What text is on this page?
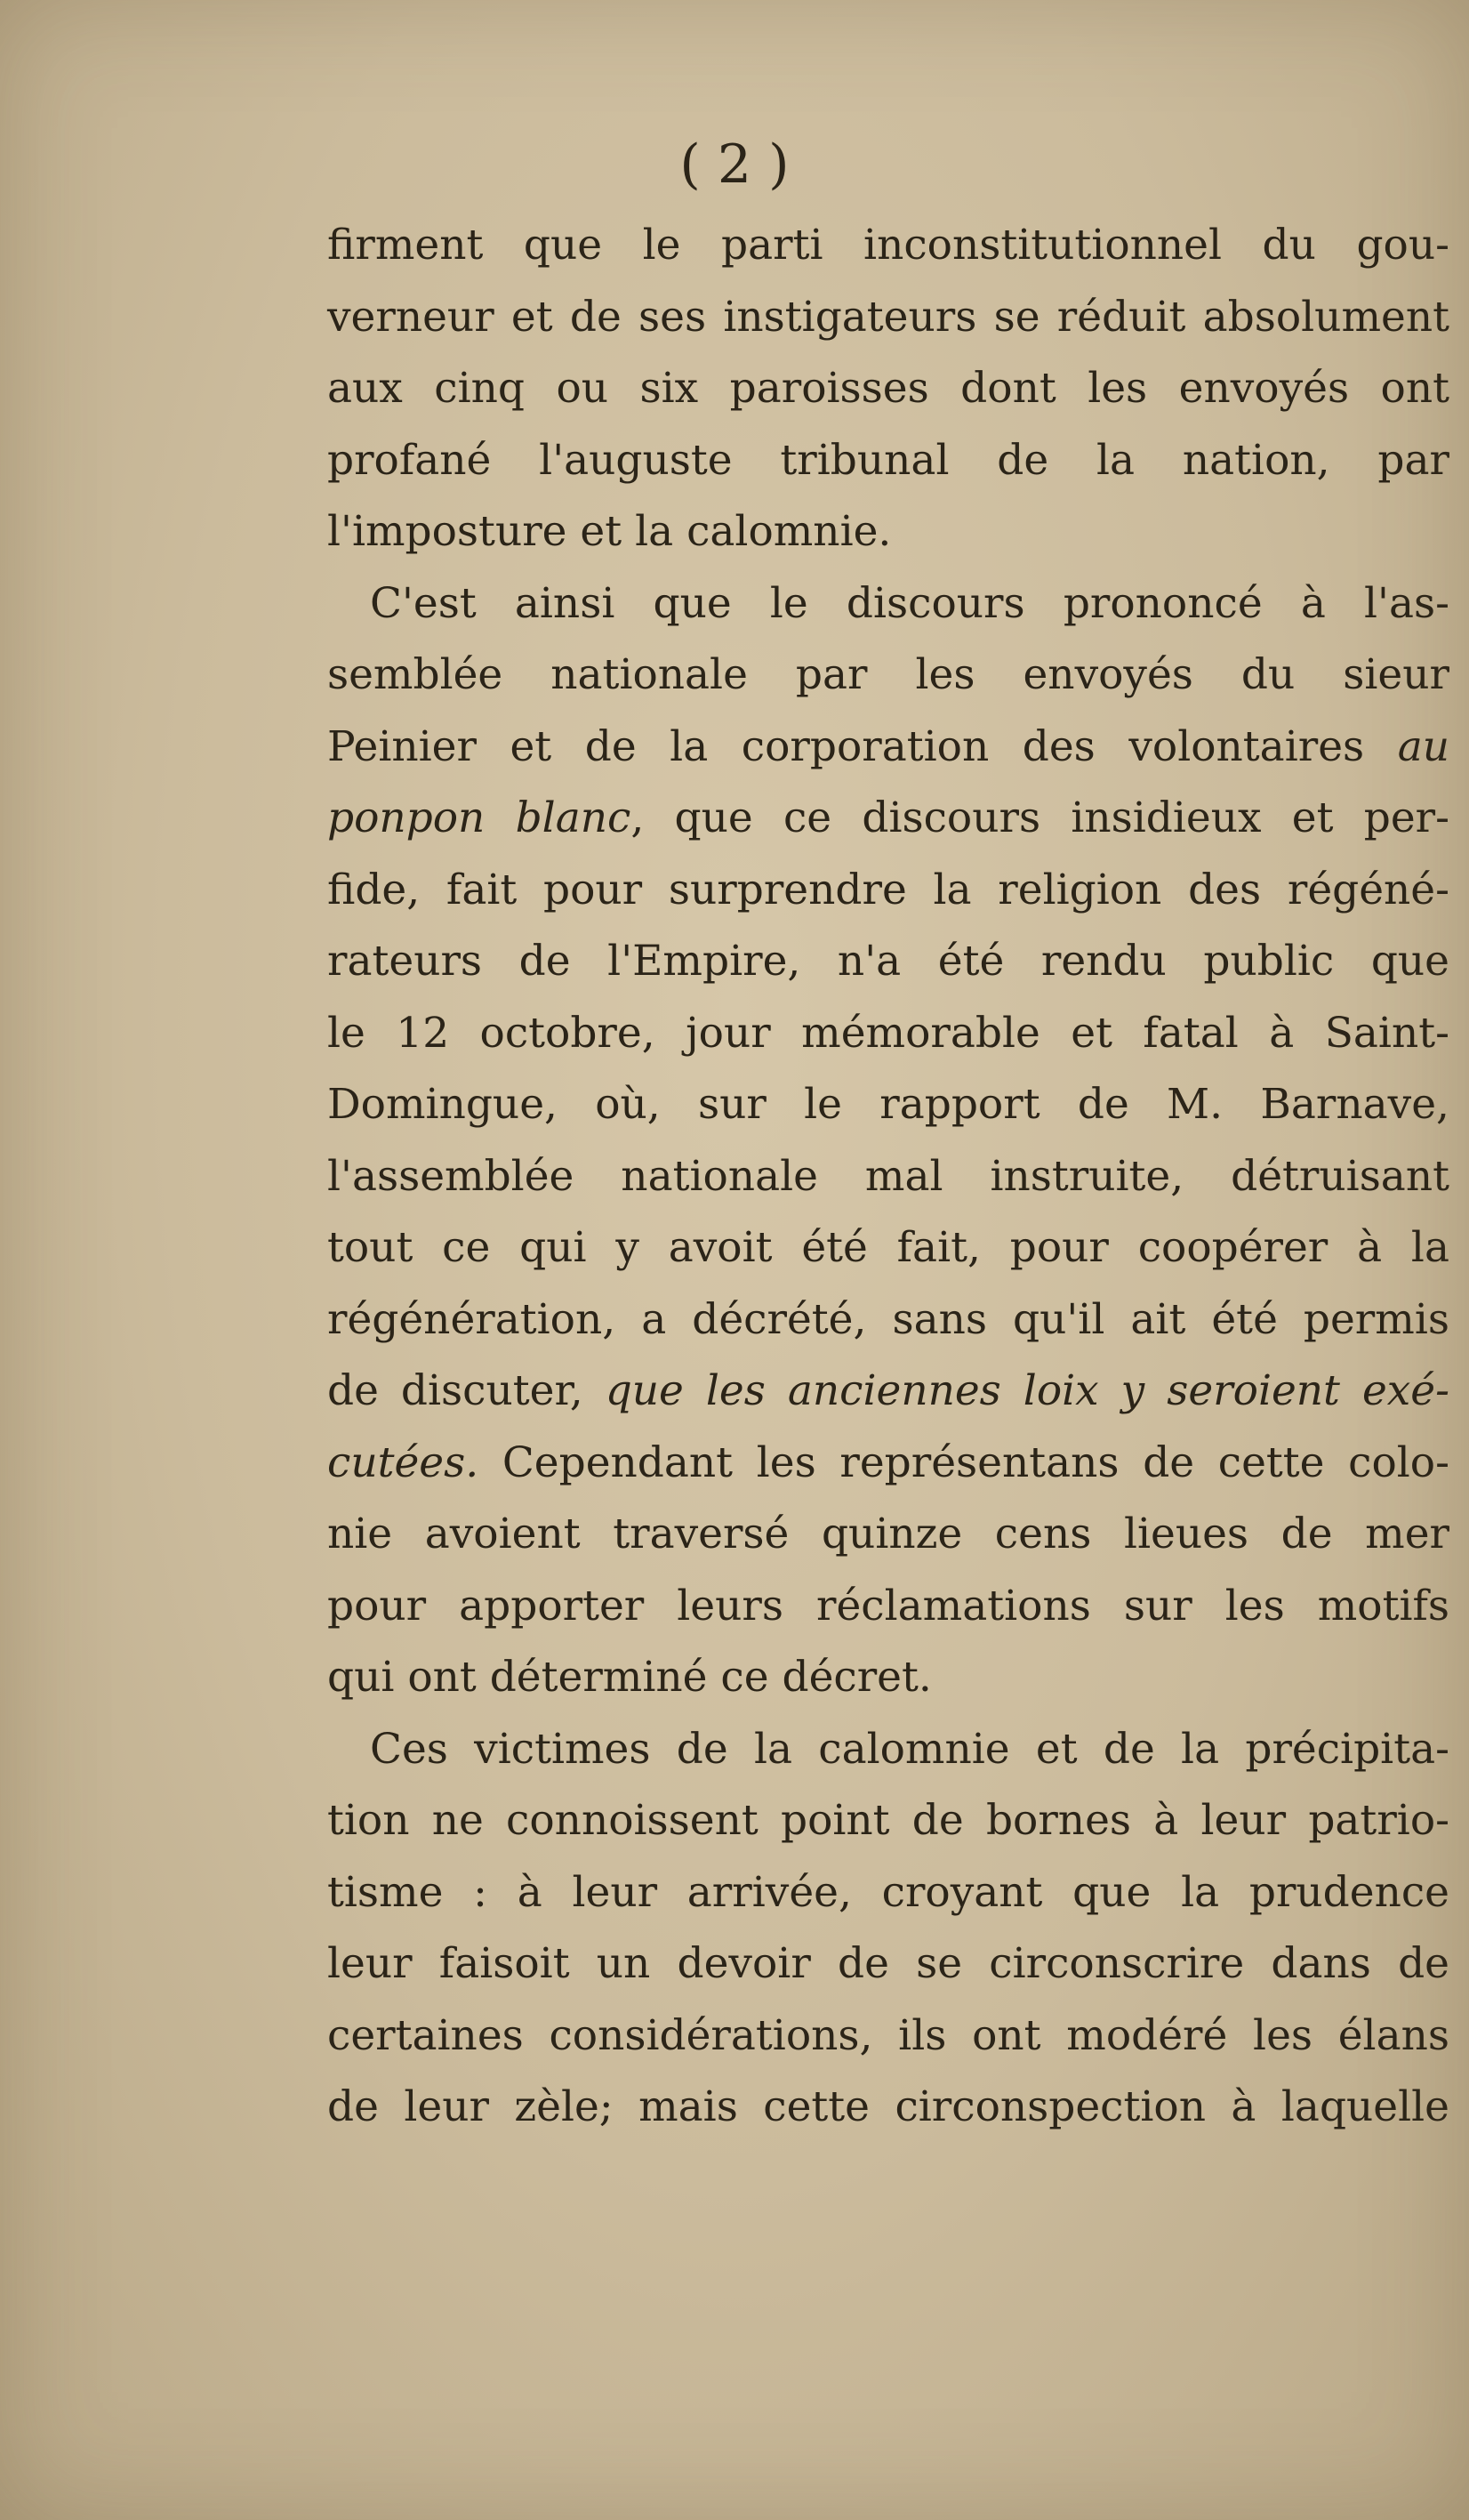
( 2 )
firment que le parti inconstitutionnel du gou-
verneur et de ses instigateurs se réduit absolument
aux cinq ou six paroisses dont les envoyés ont
profané l'auguste tribunal de la nation, par
l'imposture et la calomnie.
C'est ainsi que le discours prononcé à l'as-
semblée nationale par les envoyés du sieur
Peinier et de la corporation des volontaires au
ponpon blanc, que ce discours insidieux et per-
fide, fait pour surprendre la religion des régéné-
rateurs de l'Empire, n'a été rendu public que
le 12 octobre, jour mémorable et fatal à Saint-
Domingue, où, sur le rapport de M. Barnave,
l'assemblée nationale mal instruite, détruisant
tout ce qui y avoit été fait, pour coopérer à la
régénération, a décrété, sans qu'il ait été permis
de discuter, que les anciennes loix y seroient exé-
cutées. Cependant les représentans de cette colo-
nie avoient traversé quinze cens lieues de mer
pour apporter leurs réclamations sur les motifs
qui ont déterminé ce décret.
Ces victimes de la calomnie et de la précipita-
tion ne connoissent point de bornes à leur patrio-
tisme : à leur arrivée, croyant que la prudence
leur faisoit un devoir de se circonscrire dans de
certaines considérations, ils ont modéré les élans
de leur zèle; mais cette circonspection à laquelle
